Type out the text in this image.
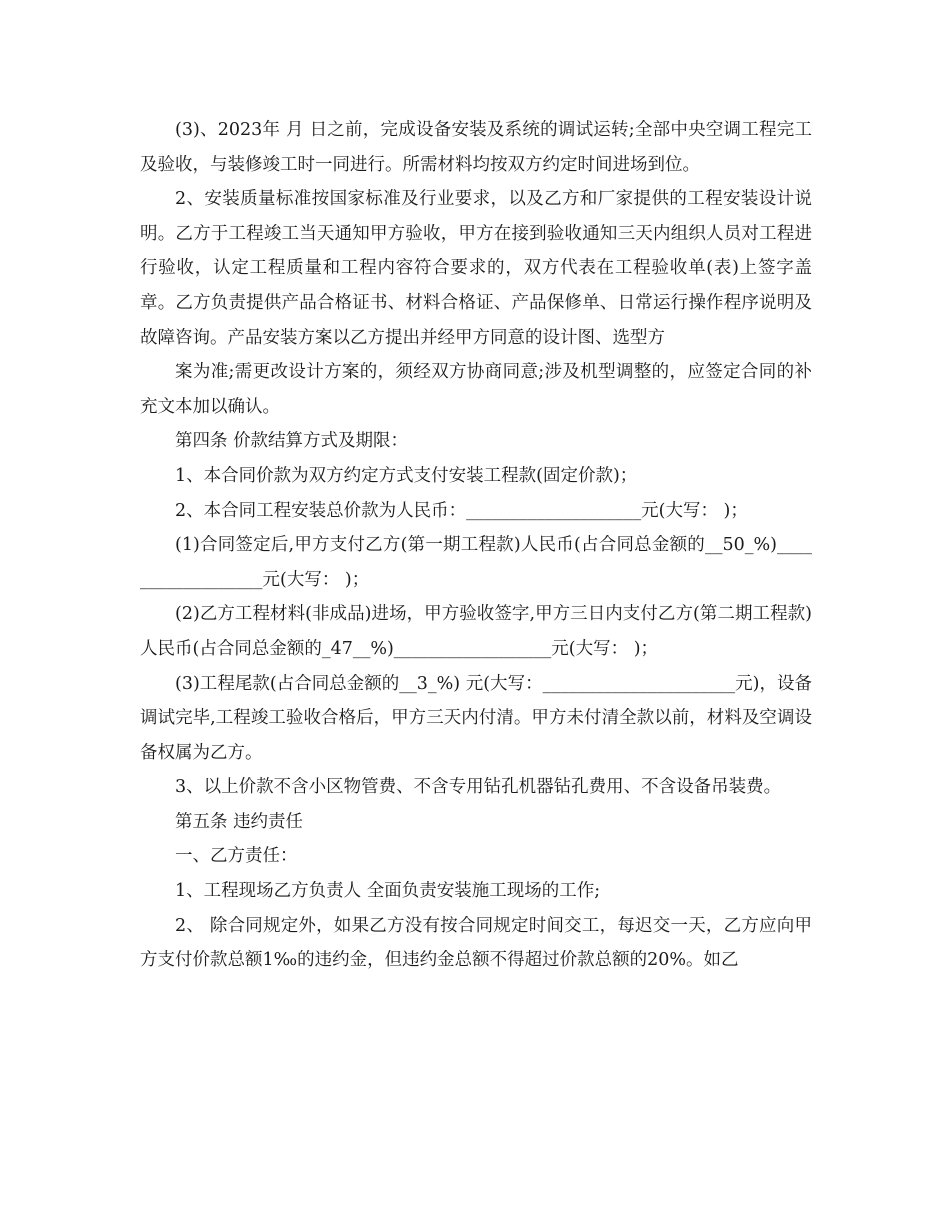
(3)、2023年 月 日之前，完成设备安装及系统的调试运转;全部中央空调工程完工及验收，与装修竣工时一同进行。所需材料均按双方约定时间进场到位。

2、安装质量标准按国家标准及行业要求，以及乙方和厂家提供的工程安装设计说明。乙方于工程竣工当天通知甲方验收，甲方在接到验收通知三天内组织人员对工程进行验收，认定工程质量和工程内容符合要求的，双方代表在工程验收单(表)上签字盖章。乙方负责提供产品合格证书、材料合格证、产品保修单、日常运行操作程序说明及故障咨询。产品安装方案以乙方提出并经甲方同意的设计图、选型方

案为准;需更改设计方案的，须经双方协商同意;涉及机型调整的，应签定合同的补充文本加以确认。

第四条 价款结算方式及期限：

1、本合同价款为双方约定方式支付安装工程款(固定价款)；

2、本合同工程安装总价款为人民币：____________________元(大写： )；

(1)合同签定后,甲方支付乙方(第一期工程款)人民币(占合同总金额的__50_%)__________________元(大写： )；

(2)乙方工程材料(非成品)进场，甲方验收签字,甲方三日内支付乙方(第二期工程款)人民币(占合同总金额的_47__%)__________________元(大写： )；

(3)工程尾款(占合同总金额的__3_%) 元(大写：______________________元)，设备调试完毕,工程竣工验收合格后，甲方三天内付清。甲方未付清全款以前，材料及空调设备权属为乙方。

3、以上价款不含小区物管费、不含专用钻孔机器钻孔费用、不含设备吊装费。

第五条 违约责任

一、乙方责任：

1、工程现场乙方负责人 全面负责安装施工现场的工作;

2、 除合同规定外，如果乙方没有按合同规定时间交工，每迟交一天，乙方应向甲方支付价款总额1‰的违约金，但违约金总额不得超过价款总额的20%。如乙
